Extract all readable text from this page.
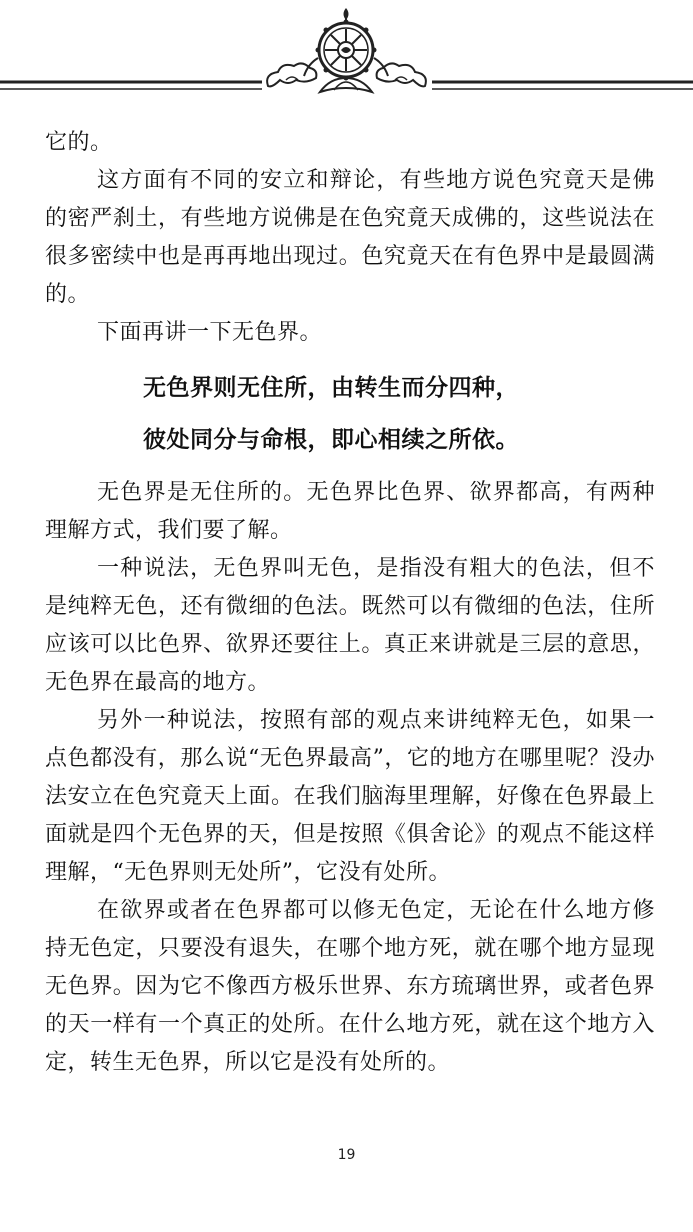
它的。

这方面有不同的安立和辩论，有些地方说色究竟天是佛的密严刹土，有些地方说佛是在色究竟天成佛的，这些说法在很多密续中也是再再地出现过。色究竟天在有色界中是最圆满的。

下面再讲一下无色界。

无色界则无住所，由转生而分四种，

彼处同分与命根，即心相续之所依。

无色界是无住所的。无色界比色界、欲界都高，有两种理解方式，我们要了解。

一种说法，无色界叫无色，是指没有粗大的色法，但不是纯粹无色，还有微细的色法。既然可以有微细的色法，住所应该可以比色界、欲界还要往上。真正来讲就是三层的意思，无色界在最高的地方。

另外一种说法，按照有部的观点来讲纯粹无色，如果一点色都没有，那么说“无色界最高”，它的地方在哪里呢？没办法安立在色究竟天上面。在我们脑海里理解，好像在色界最上面就是四个无色界的天，但是按照《俱舍论》的观点不能这样理解，“无色界则无处所”，它没有处所。

在欲界或者在色界都可以修无色定，无论在什么地方修持无色定，只要没有退失，在哪个地方死，就在哪个地方显现无色界。因为它不像西方极乐世界、东方琉璃世界，或者色界的天一样有一个真正的处所。在什么地方死，就在这个地方入定，转生无色界，所以它是没有处所的。

19
